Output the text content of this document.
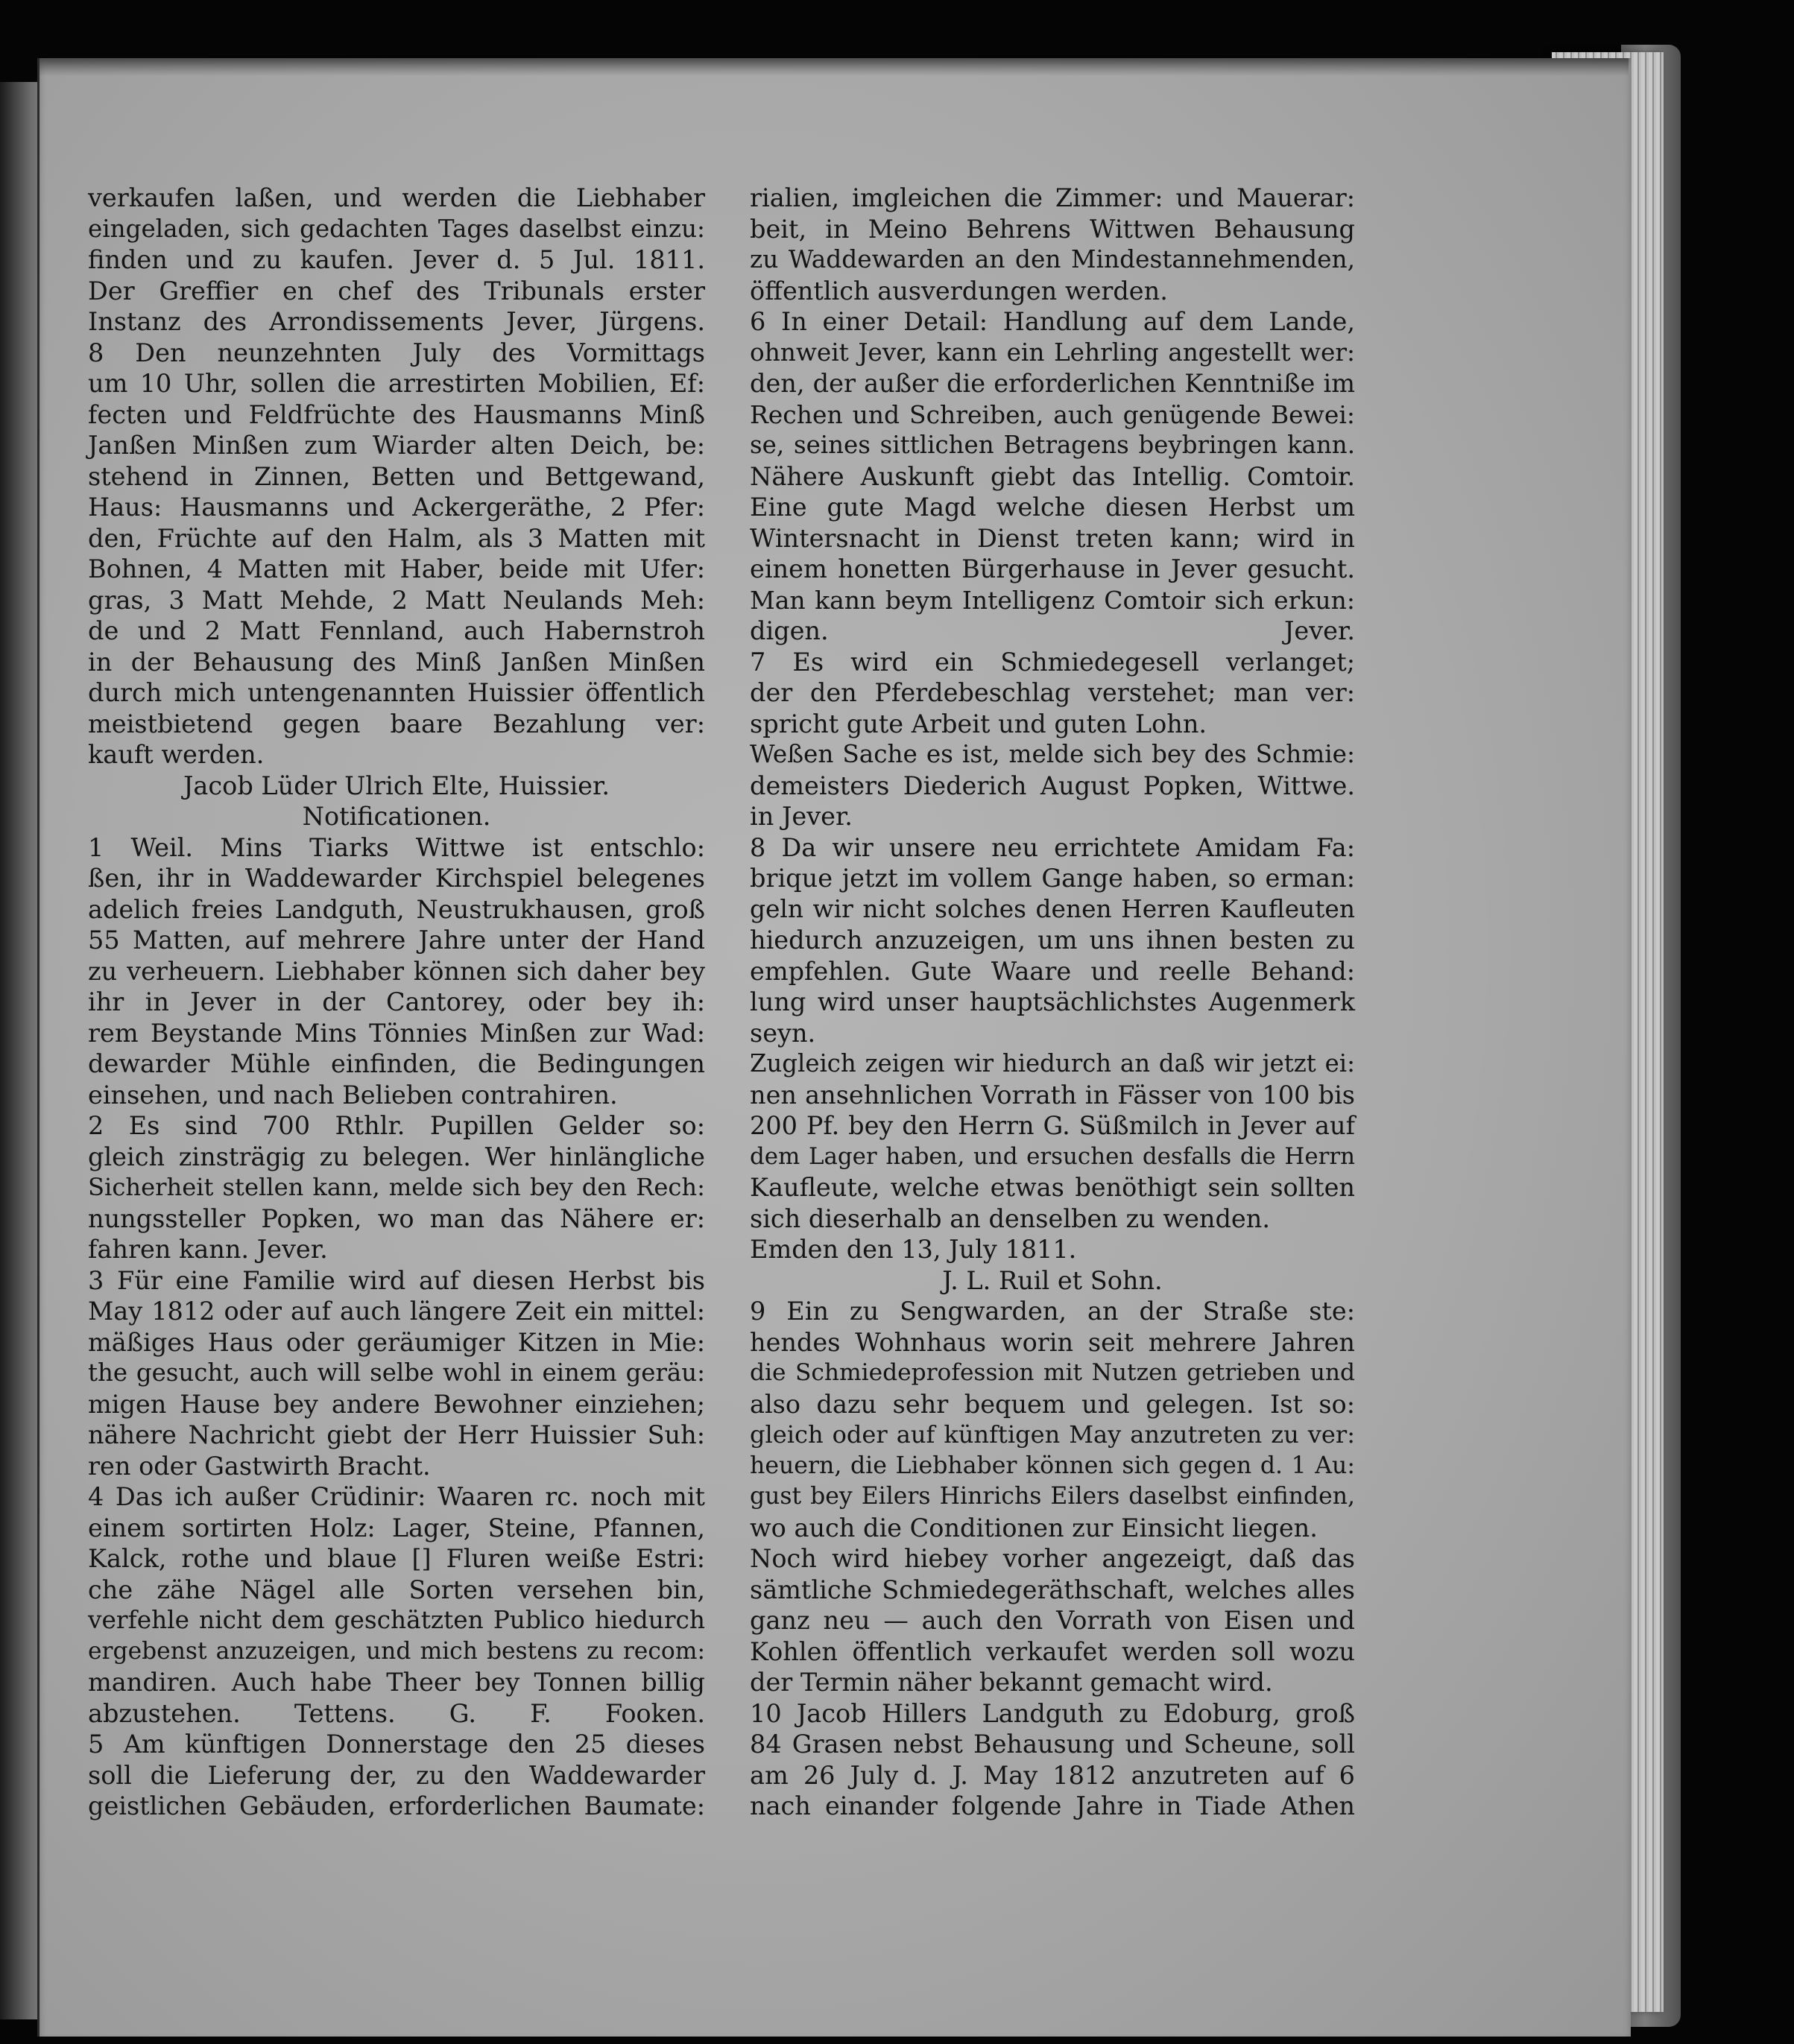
verkaufen laßen, und werden die Liebhaber
eingeladen, sich gedachten Tages daselbst einzu:
finden und zu kaufen. Jever d. 5 Jul. 1811.
Der Greffier en chef des Tribunals erster
Instanz des Arrondissements Jever, Jürgens.
8 Den neunzehnten July des Vormittags
um 10 Uhr, sollen die arrestirten Mobilien, Ef:
fecten und Feldfrüchte des Hausmanns Minß
Janßen Minßen zum Wiarder alten Deich, be:
stehend in Zinnen, Betten und Bettgewand,
Haus: Hausmanns und Ackergeräthe, 2 Pfer:
den, Früchte auf den Halm, als 3 Matten mit
Bohnen, 4 Matten mit Haber, beide mit Ufer:
gras, 3 Matt Mehde, 2 Matt Neulands Meh:
de und 2 Matt Fennland, auch Habernstroh
in der Behausung des Minß Janßen Minßen
durch mich untengenannten Huissier öffentlich
meistbietend gegen baare Bezahlung ver:
kauft werden.
Jacob Lüder Ulrich Elte, Huissier.
Notificationen.
1 Weil. Mins Tiarks Wittwe ist entschlo:
ßen, ihr in Waddewarder Kirchspiel belegenes
adelich freies Landguth, Neustrukhausen, groß
55 Matten, auf mehrere Jahre unter der Hand
zu verheuern. Liebhaber können sich daher bey
ihr in Jever in der Cantorey, oder bey ih:
rem Beystande Mins Tönnies Minßen zur Wad:
dewarder Mühle einfinden, die Bedingungen
einsehen, und nach Belieben contrahiren.
2 Es sind 700 Rthlr. Pupillen Gelder so:
gleich zinsträgig zu belegen. Wer hinlängliche
Sicherheit stellen kann, melde sich bey den Rech:
nungssteller Popken, wo man das Nähere er:
fahren kann. Jever.
3 Für eine Familie wird auf diesen Herbst bis
May 1812 oder auf auch längere Zeit ein mittel:
mäßiges Haus oder geräumiger Kitzen in Mie:
the gesucht, auch will selbe wohl in einem geräu:
migen Hause bey andere Bewohner einziehen;
nähere Nachricht giebt der Herr Huissier Suh:
ren oder Gastwirth Bracht.
4 Das ich außer Crüdinir: Waaren rc. noch mit
einem sortirten Holz: Lager, Steine, Pfannen,
Kalck, rothe und blaue [] Fluren weiße Estri:
che zähe Nägel alle Sorten versehen bin,
verfehle nicht dem geschätzten Publico hiedurch
ergebenst anzuzeigen, und mich bestens zu recom:
mandiren. Auch habe Theer bey Tonnen billig
abzustehen. Tettens. G. F. Fooken.
5 Am künftigen Donnerstage den 25 dieses
soll die Lieferung der, zu den Waddewarder
geistlichen Gebäuden, erforderlichen Baumate:
rialien, imgleichen die Zimmer: und Mauerar:
beit, in Meino Behrens Wittwen Behausung
zu Waddewarden an den Mindestannehmenden,
öffentlich ausverdungen werden.
6 In einer Detail: Handlung auf dem Lande,
ohnweit Jever, kann ein Lehrling angestellt wer:
den, der außer die erforderlichen Kenntniße im
Rechen und Schreiben, auch genügende Bewei:
se, seines sittlichen Betragens beybringen kann.
Nähere Auskunft giebt das Intellig. Comtoir.
Eine gute Magd welche diesen Herbst um
Wintersnacht in Dienst treten kann; wird in
einem honetten Bürgerhause in Jever gesucht.
Man kann beym Intelligenz Comtoir sich erkun:
digen. Jever.
7 Es wird ein Schmiedegesell verlanget;
der den Pferdebeschlag verstehet; man ver:
spricht gute Arbeit und guten Lohn.
Weßen Sache es ist, melde sich bey des Schmie:
demeisters Diederich August Popken, Wittwe.
in Jever.
8 Da wir unsere neu errichtete Amidam Fa:
brique jetzt im vollem Gange haben, so erman:
geln wir nicht solches denen Herren Kaufleuten
hiedurch anzuzeigen, um uns ihnen besten zu
empfehlen. Gute Waare und reelle Behand:
lung wird unser hauptsächlichstes Augenmerk
seyn.
Zugleich zeigen wir hiedurch an daß wir jetzt ei:
nen ansehnlichen Vorrath in Fässer von 100 bis
200 Pf. bey den Herrn G. Süßmilch in Jever auf
dem Lager haben, und ersuchen desfalls die Herrn
Kaufleute, welche etwas benöthigt sein sollten
sich dieserhalb an denselben zu wenden.
Emden den 13, July 1811.
J. L. Ruil et Sohn.
9 Ein zu Sengwarden, an der Straße ste:
hendes Wohnhaus worin seit mehrere Jahren
die Schmiedeprofession mit Nutzen getrieben und
also dazu sehr bequem und gelegen. Ist so:
gleich oder auf künftigen May anzutreten zu ver:
heuern, die Liebhaber können sich gegen d. 1 Au:
gust bey Eilers Hinrichs Eilers daselbst einfinden,
wo auch die Conditionen zur Einsicht liegen.
Noch wird hiebey vorher angezeigt, daß das
sämtliche Schmiedegeräthschaft, welches alles
ganz neu — auch den Vorrath von Eisen und
Kohlen öffentlich verkaufet werden soll wozu
der Termin näher bekannt gemacht wird.
10 Jacob Hillers Landguth zu Edoburg, groß
84 Grasen nebst Behausung und Scheune, soll
am 26 July d. J. May 1812 anzutreten auf 6
nach einander folgende Jahre in Tiade Athen
